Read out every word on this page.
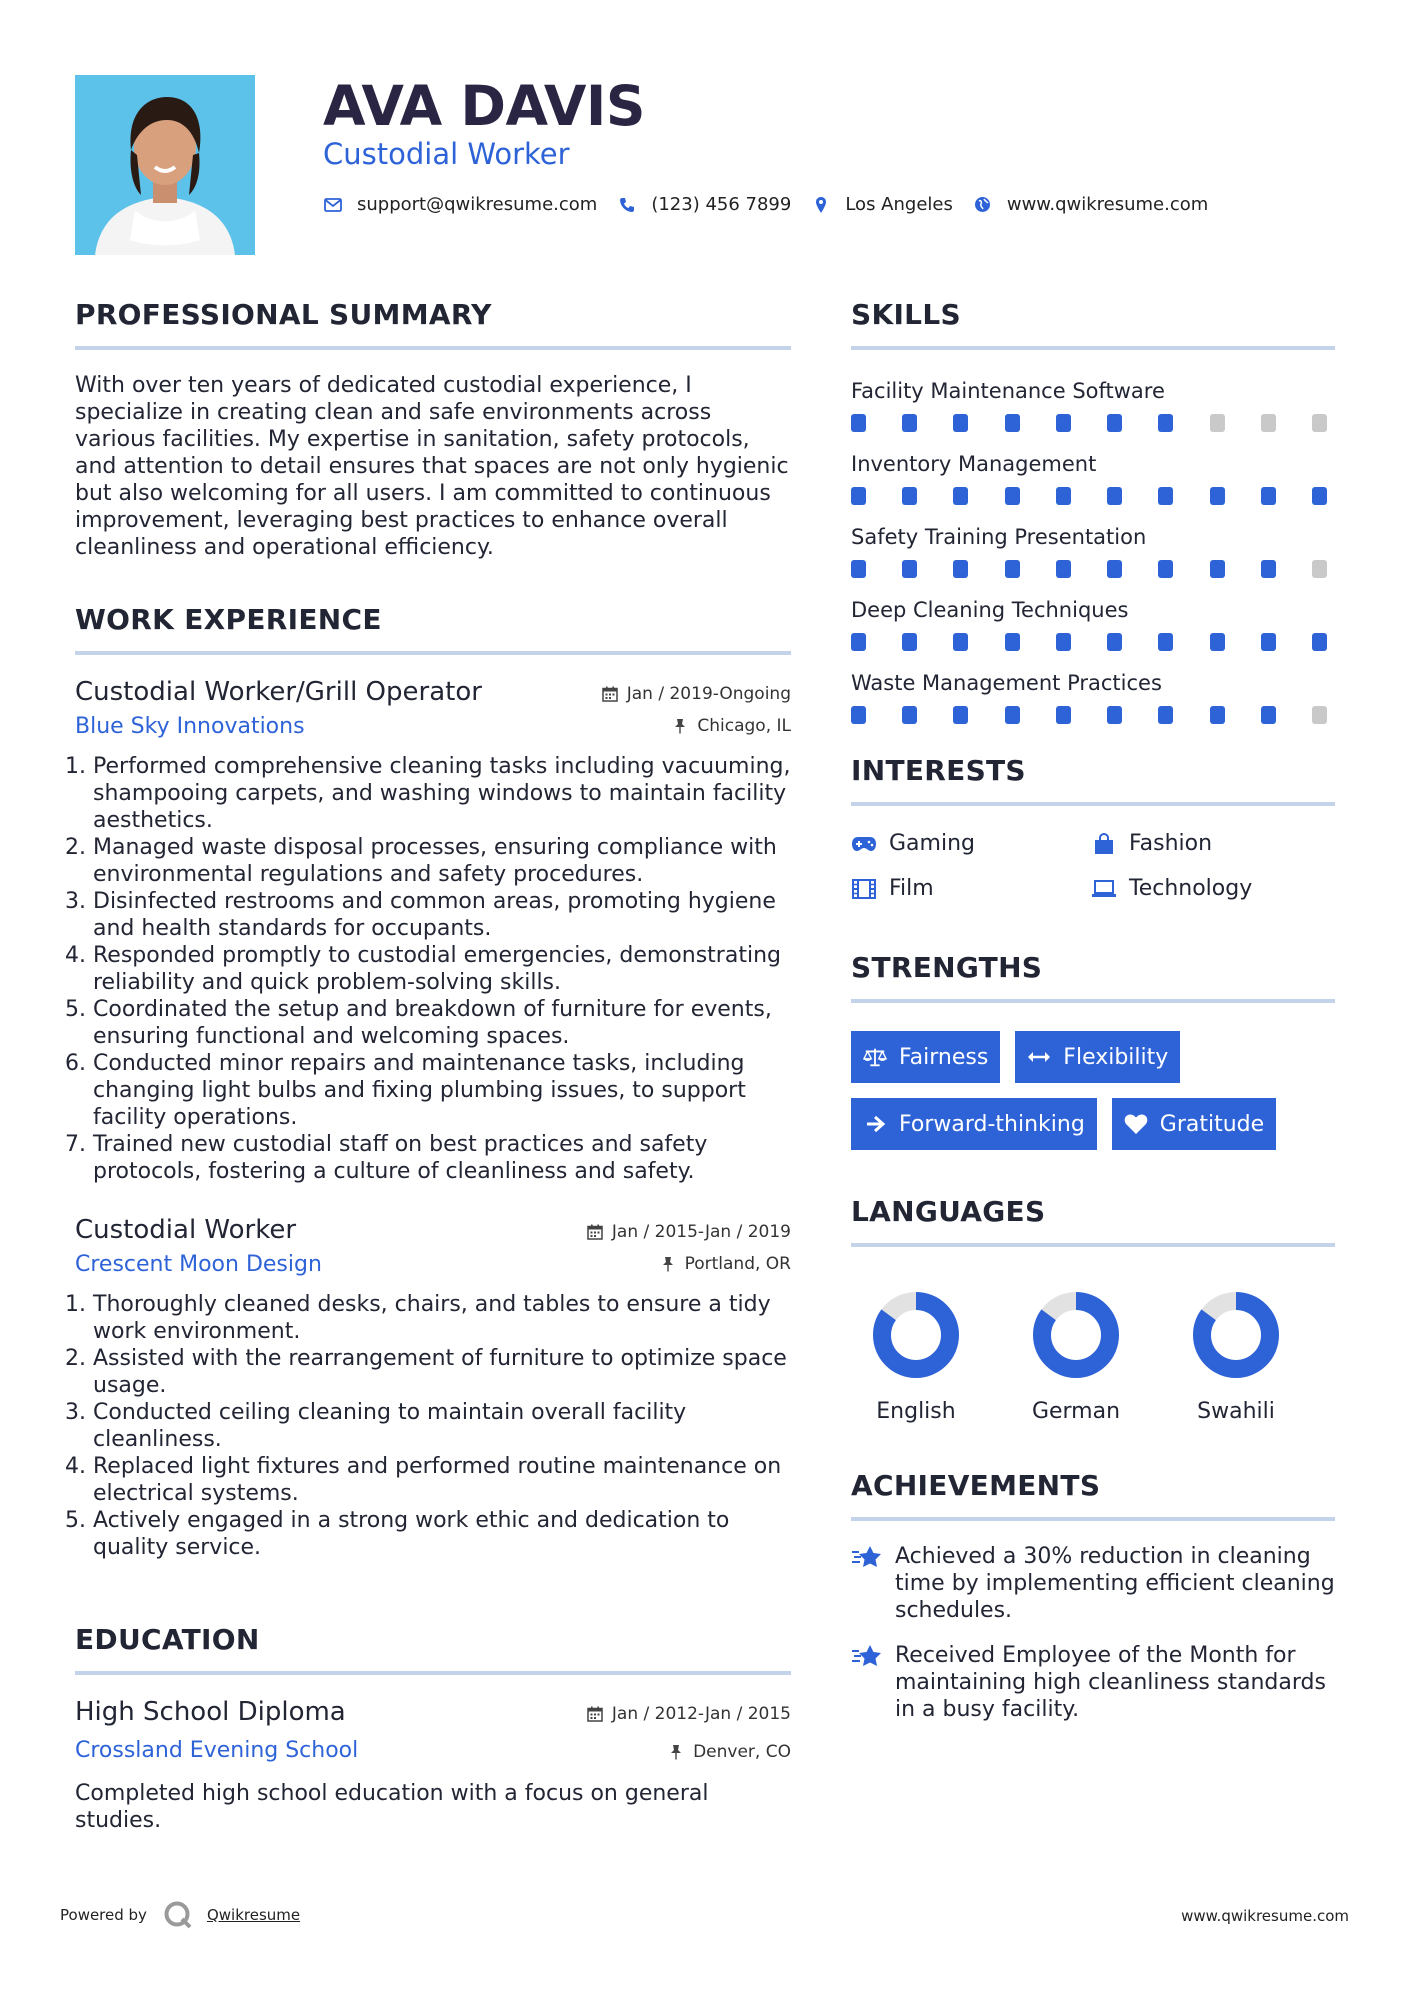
AVA DAVIS
Custodial Worker
support@qwikresume.com	(123) 456 7899	Los Angeles	www.qwikresume.com
PROFESSIONAL SUMMARY

With over ten years of dedicated custodial experience, I specialize in creating clean and safe environments across various facilities. My expertise in sanitation, safety protocols, and attention to detail ensures that spaces are not only hygienic but also welcoming for all users. I am committed to continuous improvement, leveraging best practices to enhance overall cleanliness and operational efficiency.

WORK EXPERIENCE
Custodial Worker/Grill Operator	Jan / 2019-Ongoing
Blue Sky Innovations	Chicago, IL
1. Performed comprehensive cleaning tasks including vacuuming, shampooing carpets, and washing windows to maintain facility aesthetics.
2. Managed waste disposal processes, ensuring compliance with environmental regulations and safety procedures.
3. Disinfected restrooms and common areas, promoting hygiene and health standards for occupants.
4. Responded promptly to custodial emergencies, demonstrating reliability and quick problem-solving skills.
5. Coordinated the setup and breakdown of furniture for events, ensuring functional and welcoming spaces.
6. Conducted minor repairs and maintenance tasks, including changing light bulbs and fixing plumbing issues, to support facility operations.
7. Trained new custodial staff on best practices and safety protocols, fostering a culture of cleanliness and safety.
Custodial Worker	Jan / 2015-Jan / 2019
Crescent Moon Design	Portland, OR
1. Thoroughly cleaned desks, chairs, and tables to ensure a tidy work environment.
2. Assisted with the rearrangement of furniture to optimize space usage.
3. Conducted ceiling cleaning to maintain overall facility cleanliness.
4. Replaced light fixtures and performed routine maintenance on electrical systems.
5. Actively engaged in a strong work ethic and dedication to quality service.
EDUCATION
High School Diploma	Jan / 2012-Jan / 2015
Crossland Evening School	Denver, CO

Completed high school education with a focus on general studies.

SKILLS
Facility Maintenance Software
Inventory Management
Safety Training Presentation
Deep Cleaning Techniques
Waste Management Practices
INTERESTS
Gaming	Fashion
Film	Technology
STRENGTHS
Fairness	Flexibility
Forward-thinking	Gratitude
LANGUAGES
English	German	Swahili
ACHIEVEMENTS

Achieved a 30% reduction in cleaning time by implementing efficient cleaning schedules.

Received Employee of the Month for maintaining high cleanliness standards in a busy facility.

Powered by	Qwikresume	www.qwikresume.com
